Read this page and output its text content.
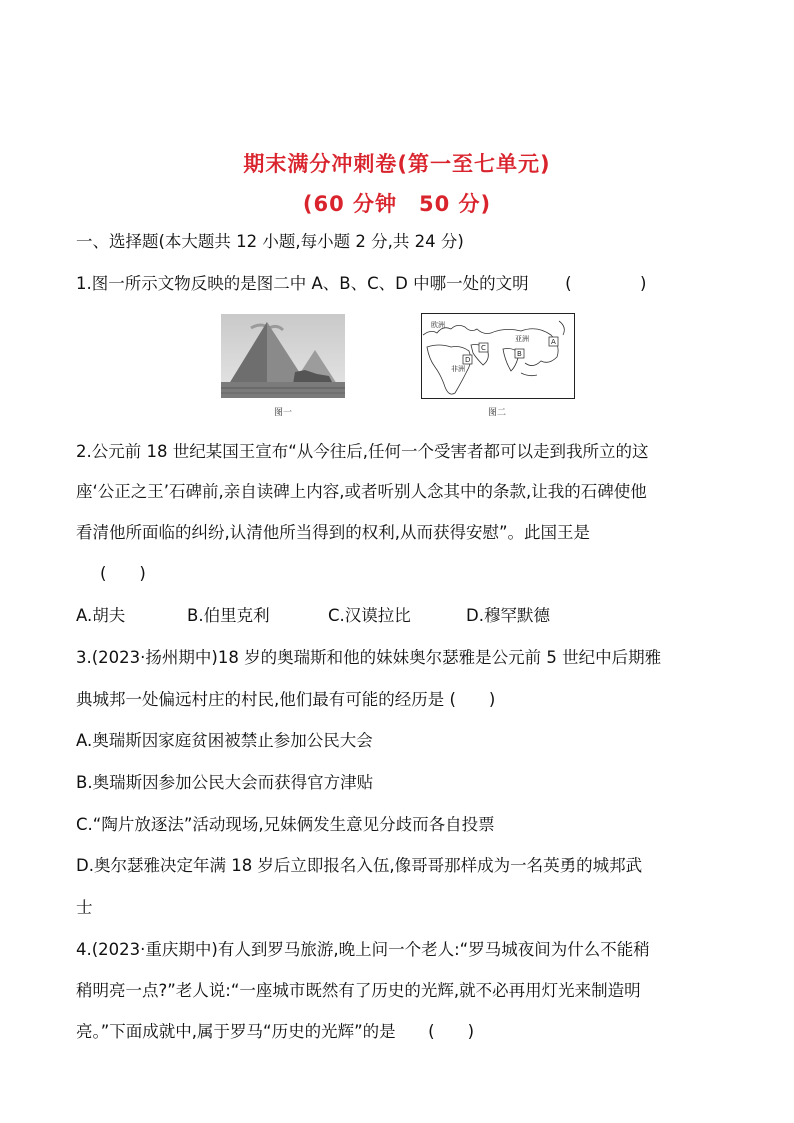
期末满分冲刺卷(第一至七单元)
(60 分钟　50 分)
一、选择题(本大题共 12 小题,每小题 2 分,共 24 分)
1.图一所示文物反映的是图二中 A、B、C、D 中哪一处的文明 (	)
图一
欧洲
亚洲
非洲
A
B
C
D
图二
2.公元前 18 世纪某国王宣布“从今往后,任何一个受害者都可以走到我所立的这
座‘公正之王’石碑前,亲自读碑上内容,或者听别人念其中的条款,让我的石碑使他
看清他所面临的纠纷,认清他所当得到的权利,从而获得安慰”。此国王是
(　　)
A.胡夫	B.伯里克利	C.汉谟拉比	D.穆罕默德
3.(2023·扬州期中)18 岁的奥瑞斯和他的妹妹奥尔瑟雅是公元前 5 世纪中后期雅
典城邦一处偏远村庄的村民,他们最有可能的经历是 (　　)
A.奥瑞斯因家庭贫困被禁止参加公民大会
B.奥瑞斯因参加公民大会而获得官方津贴
C.“陶片放逐法”活动现场,兄妹俩发生意见分歧而各自投票
D.奥尔瑟雅决定年满 18 岁后立即报名入伍,像哥哥那样成为一名英勇的城邦武
士
4.(2023·重庆期中)有人到罗马旅游,晚上问一个老人:“罗马城夜间为什么不能稍
稍明亮一点?”老人说:“一座城市既然有了历史的光辉,就不必再用灯光来制造明
亮。”下面成就中,属于罗马“历史的光辉”的是 (　　)
